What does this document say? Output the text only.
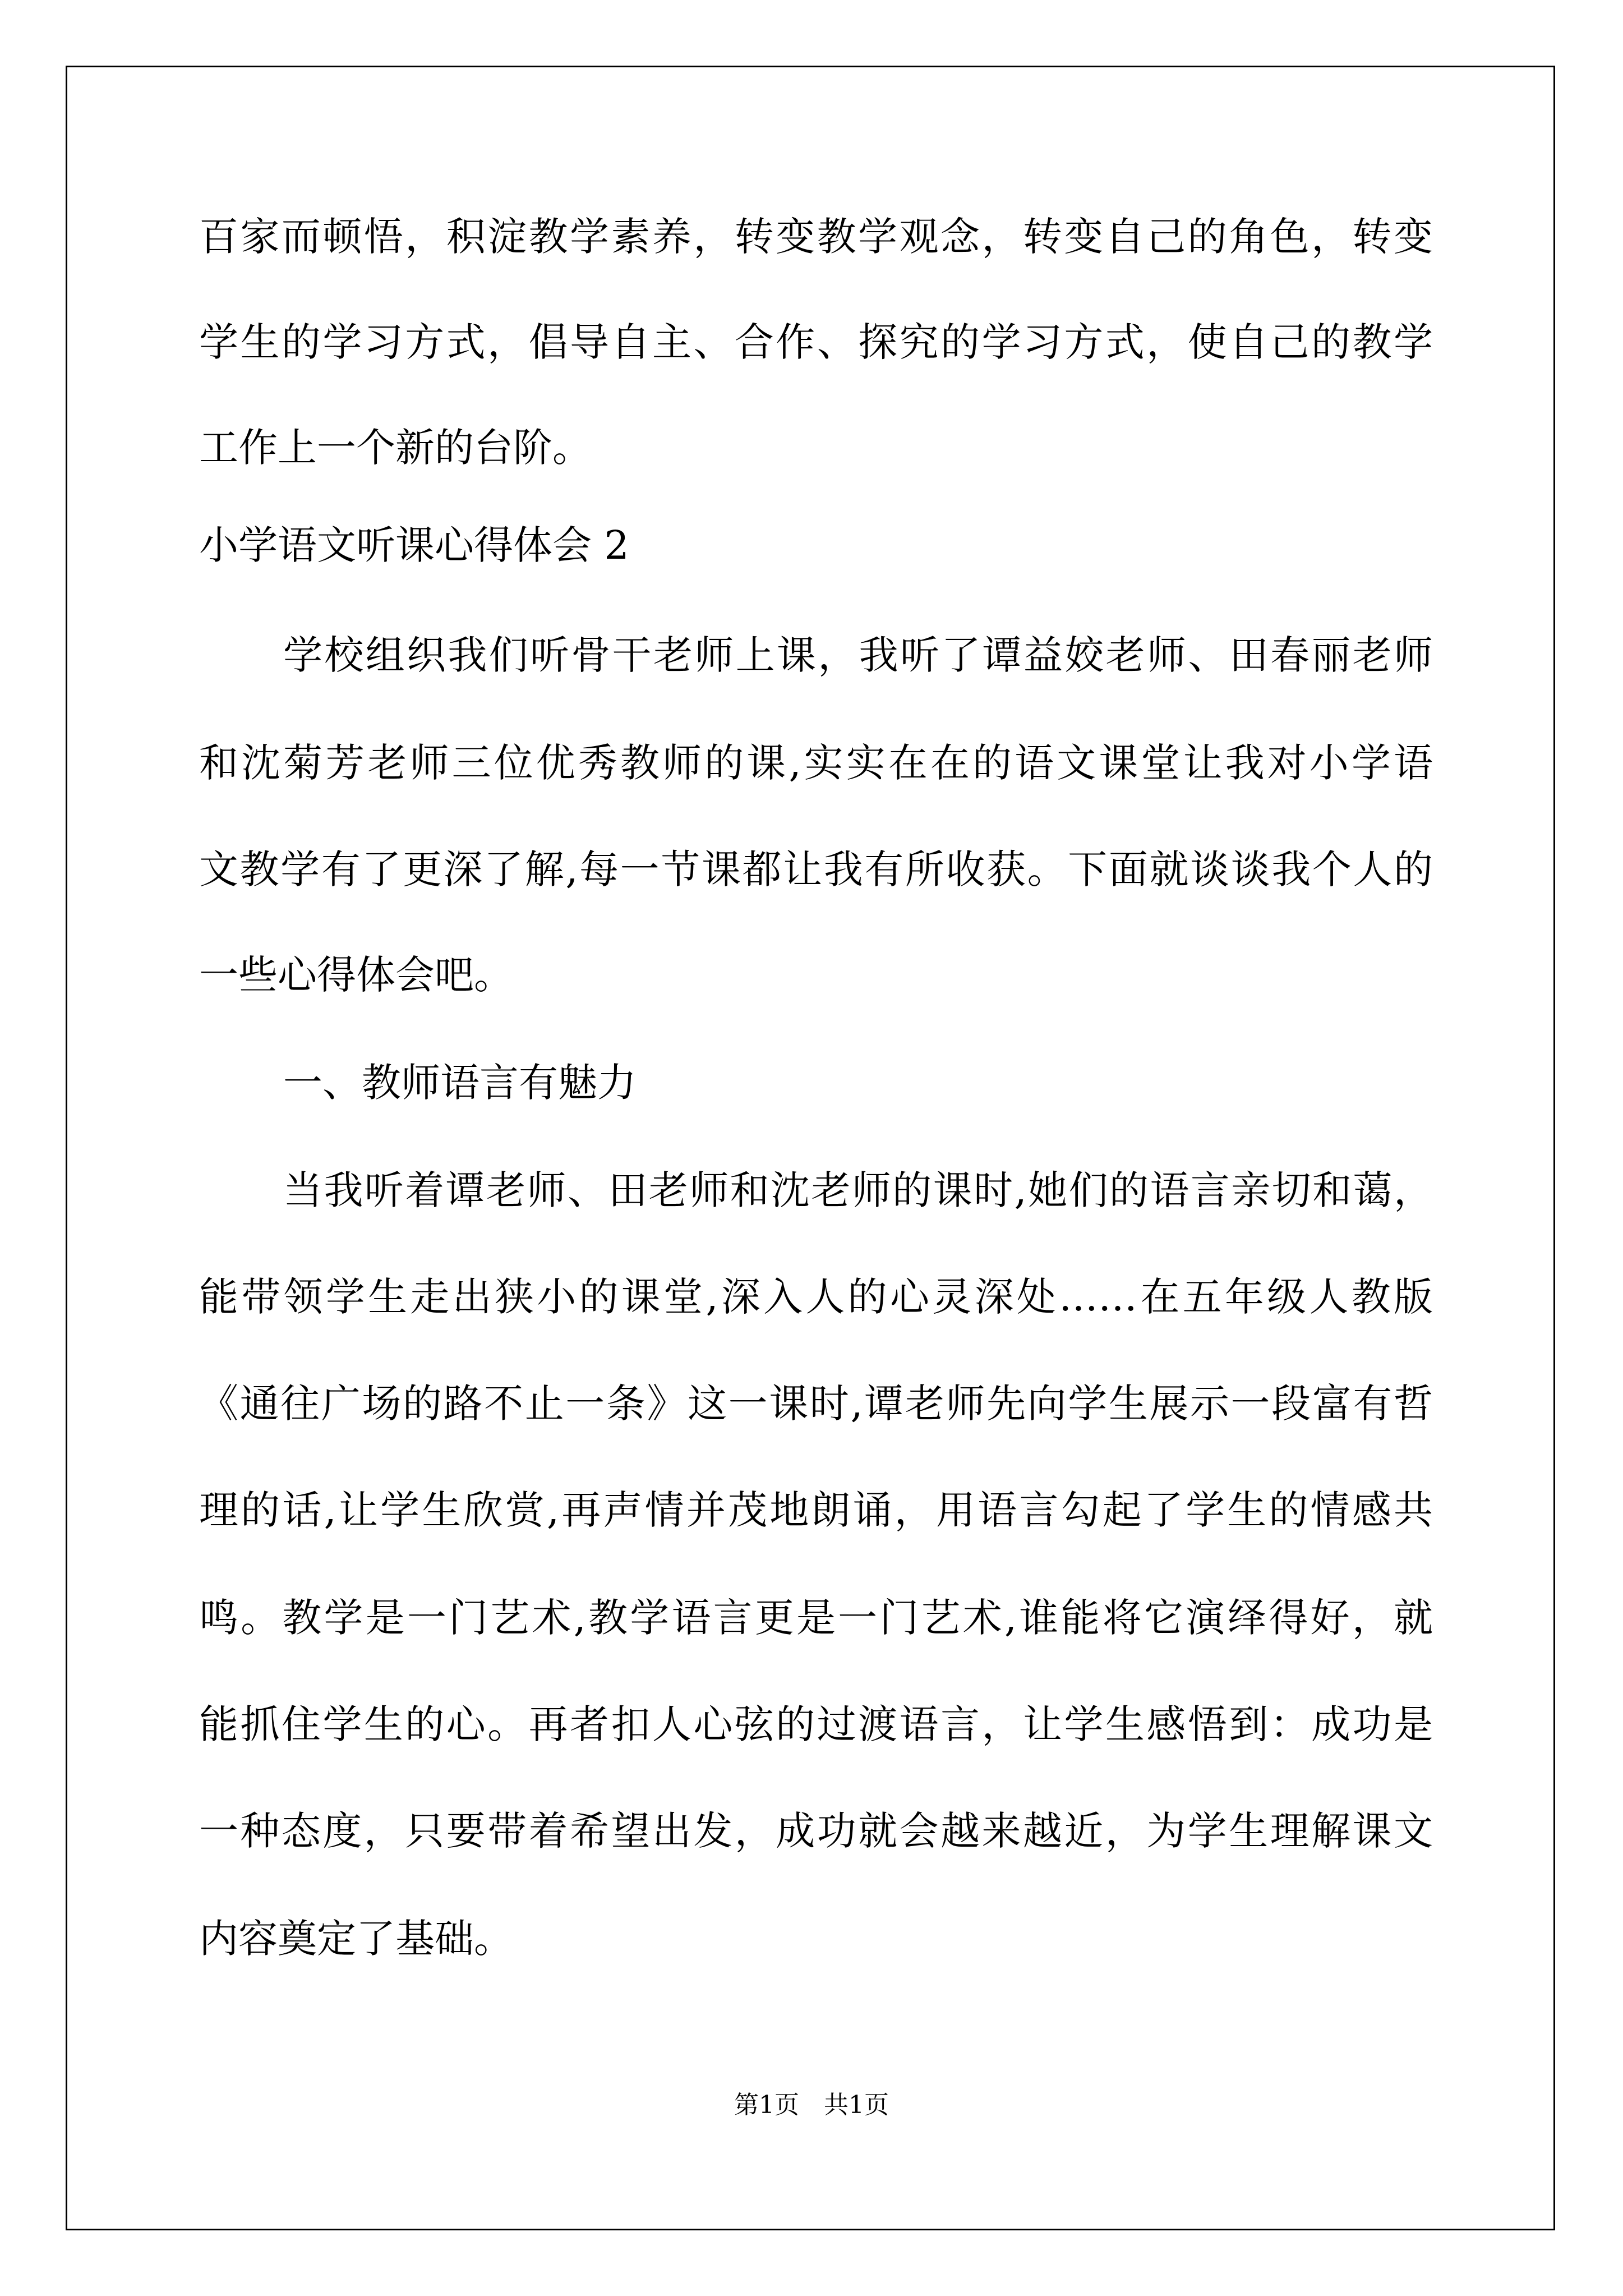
百家而顿悟，积淀教学素养，转变教学观念，转变自己的角色，转变
学生的学习方式，倡导自主、合作、探究的学习方式，使自己的教学
工作上一个新的台阶。
小学语文听课心得体会 2
学校组织我们听骨干老师上课，我听了谭益姣老师、田春丽老师
和沈菊芳老师三位优秀教师的课,实实在在的语文课堂让我对小学语
文教学有了更深了解,每一节课都让我有所收获。下面就谈谈我个人的
一些心得体会吧。
一、教师语言有魅力
当我听着谭老师、田老师和沈老师的课时,她们的语言亲切和蔼，
能带领学生走出狭小的课堂,深入人的心灵深处……在五年级人教版
《通往广场的路不止一条》这一课时,谭老师先向学生展示一段富有哲
理的话,让学生欣赏,再声情并茂地朗诵，用语言勾起了学生的情感共
鸣。教学是一门艺术,教学语言更是一门艺术,谁能将它演绎得好，就
能抓住学生的心。再者扣人心弦的过渡语言，让学生感悟到：成功是
一种态度，只要带着希望出发，成功就会越来越近，为学生理解课文
内容奠定了基础。
第1页　共1页
